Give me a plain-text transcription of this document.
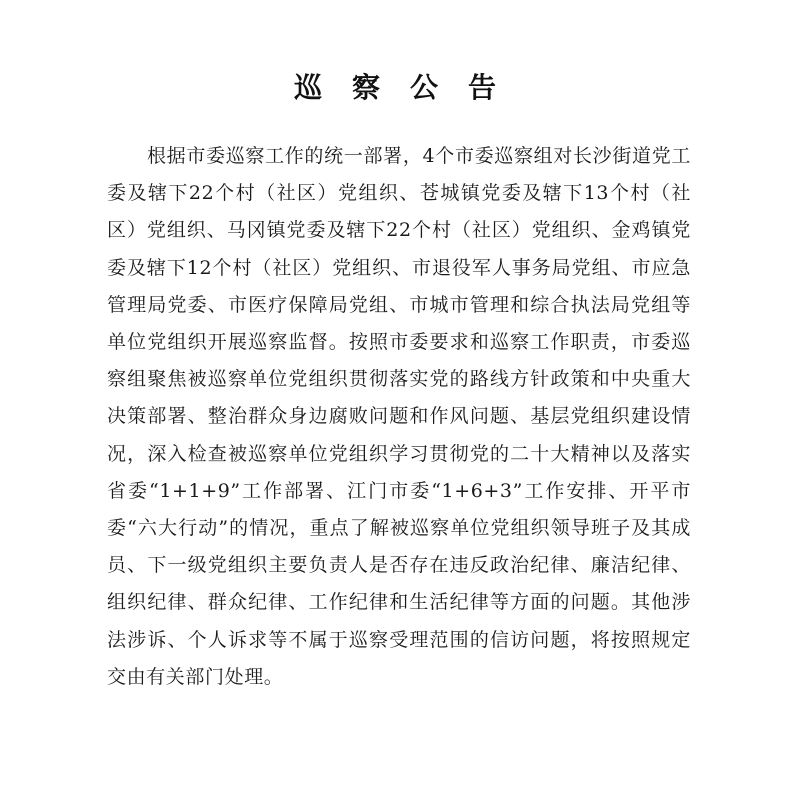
巡察公告

根据市委巡察工作的统一部署，4个市委巡察组对长沙街道党工委及辖下22个村（社区）党组织、苍城镇党委及辖下13个村（社区）党组织、马冈镇党委及辖下22个村（社区）党组织、金鸡镇党委及辖下12个村（社区）党组织、市退役军人事务局党组、市应急管理局党委、市医疗保障局党组、市城市管理和综合执法局党组等单位党组织开展巡察监督。按照市委要求和巡察工作职责，市委巡察组聚焦被巡察单位党组织贯彻落实党的路线方针政策和中央重大决策部署、整治群众身边腐败问题和作风问题、基层党组织建设情况，深入检查被巡察单位党组织学习贯彻党的二十大精神以及落实省委“1+1+9”工作部署、江门市委“1+6+3”工作安排、开平市委“六大行动”的情况，重点了解被巡察单位党组织领导班子及其成员、下一级党组织主要负责人是否存在违反政治纪律、廉洁纪律、组织纪律、群众纪律、工作纪律和生活纪律等方面的问题。其他涉法涉诉、个人诉求等不属于巡察受理范围的信访问题，将按照规定交由有关部门处理。
